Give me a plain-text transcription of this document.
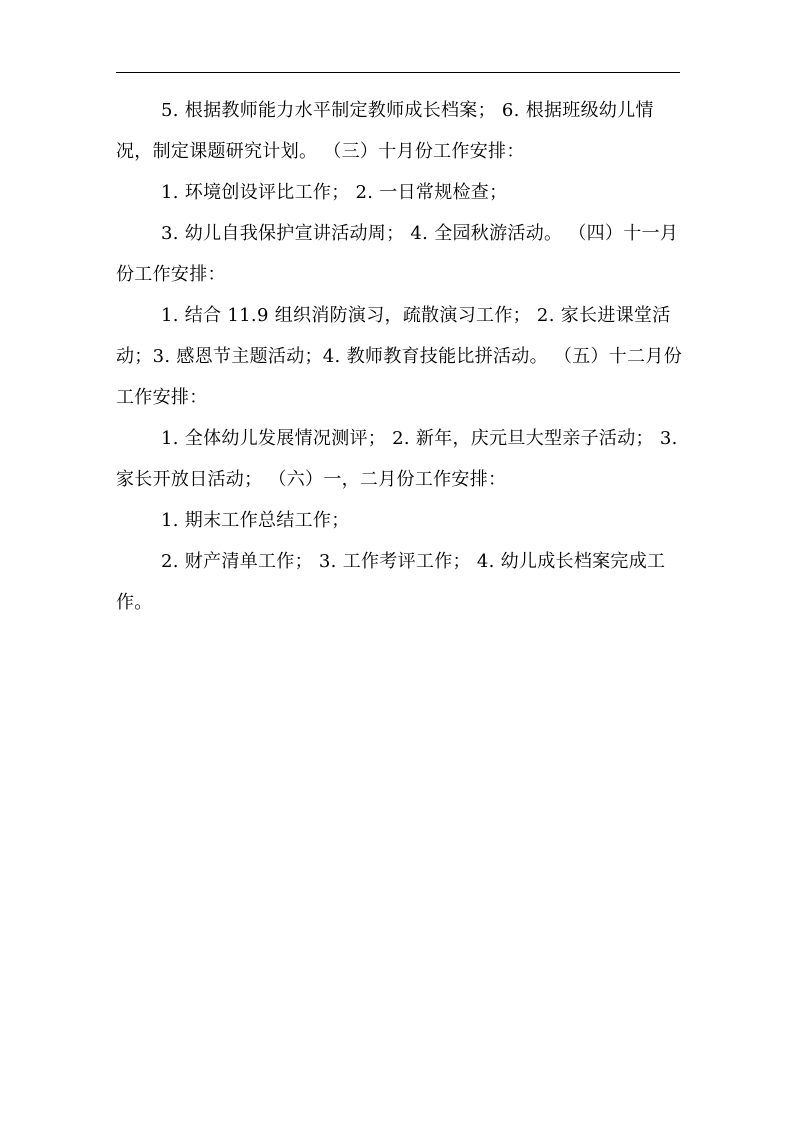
5. 根据教师能力水平制定教师成长档案； 6. 根据班级幼儿情况，制定课题研究计划。 （三）十月份工作安排：

1. 环境创设评比工作； 2. 一日常规检查；

3. 幼儿自我保护宣讲活动周； 4. 全园秋游活动。 （四）十一月份工作安排：

1. 结合 11.9 组织消防演习，疏散演习工作； 2. 家长进课堂活动；3. 感恩节主题活动；4. 教师教育技能比拼活动。 （五）十二月份工作安排：

1. 全体幼儿发展情况测评； 2. 新年，庆元旦大型亲子活动； 3. 家长开放日活动； （六）一，二月份工作安排：

1. 期末工作总结工作；

2. 财产清单工作； 3. 工作考评工作； 4. 幼儿成长档案完成工作。
